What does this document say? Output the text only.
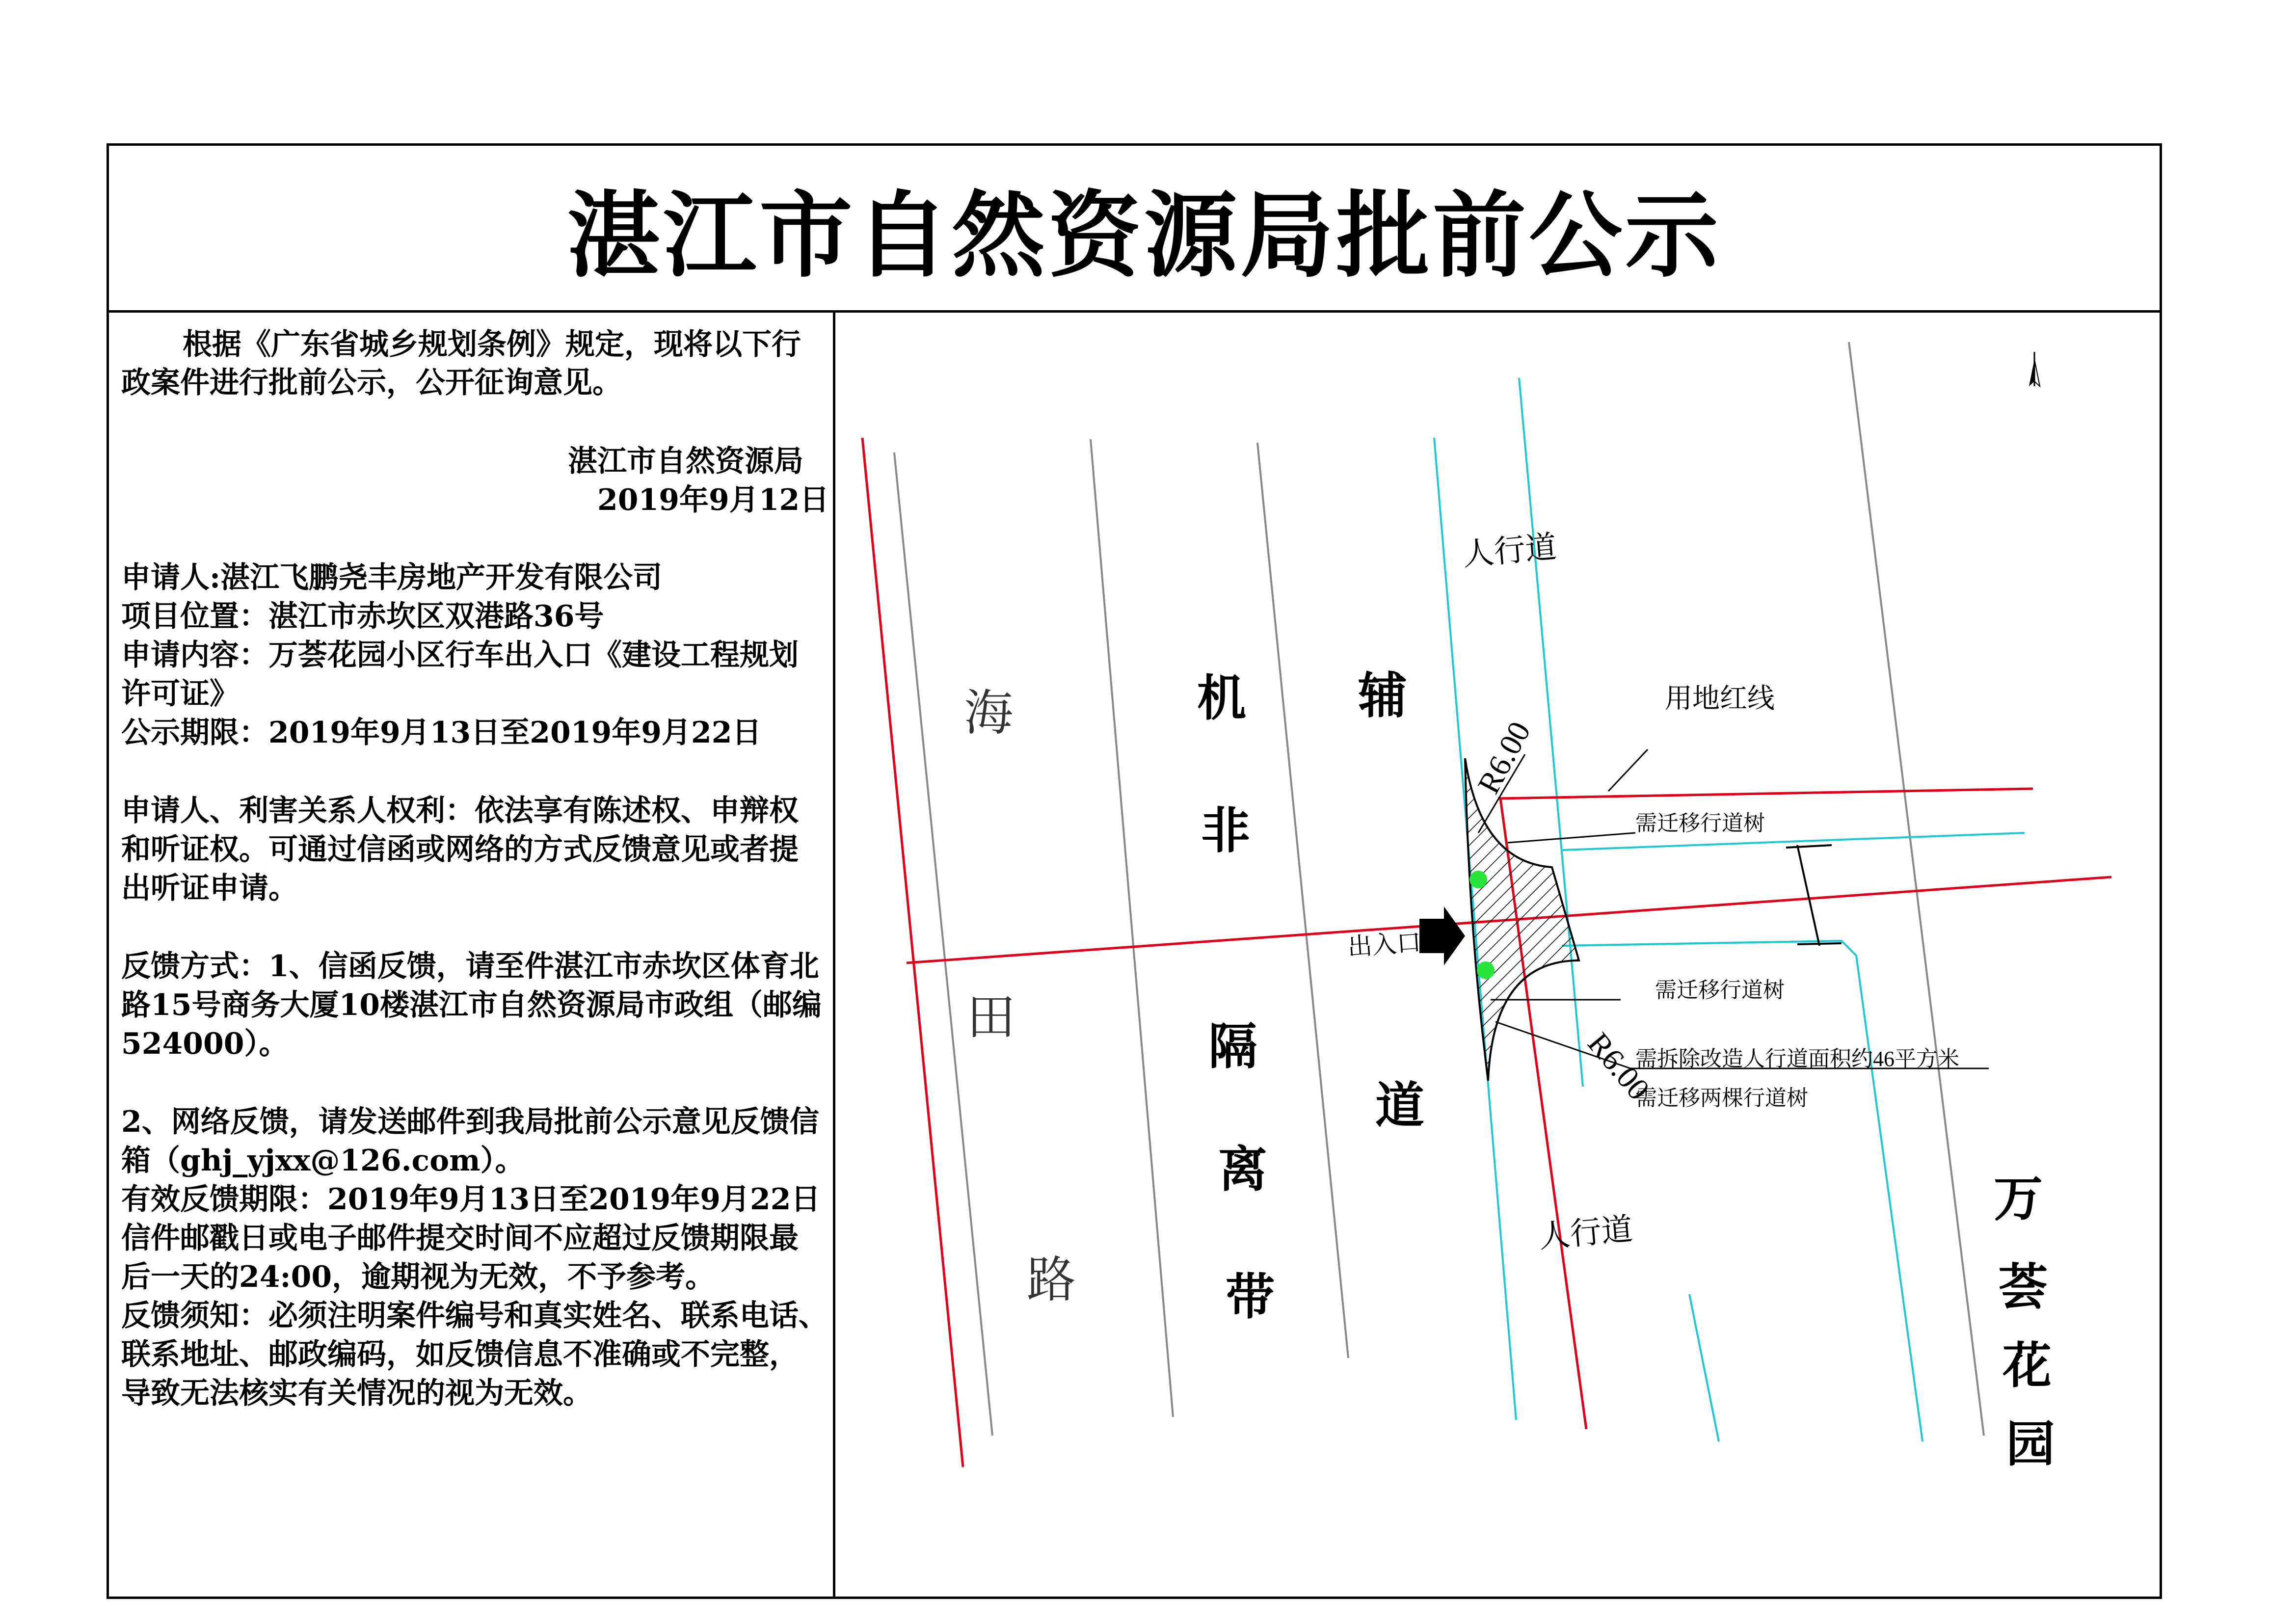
湛江市自然资源局批前公示
根据《广东省城乡规划条例》规定，现将以下行
政案件进行批前公示，公开征询意见。
湛江市自然资源局
2019年9月12日
申请人:湛江飞鹏尧丰房地产开发有限公司
项目位置：湛江市赤坎区双港路36号
申请内容：万荟花园小区行车出入口《建设工程规划
许可证》
公示期限：2019年9月13日至2019年9月22日
申请人、利害关系人权利：依法享有陈述权、申辩权
和听证权。可通过信函或网络的方式反馈意见或者提
出听证申请。
反馈方式：1、信函反馈，请至件湛江市赤坎区体育北
路15号商务大厦10楼湛江市自然资源局市政组（邮编
524000）。
2、网络反馈，请发送邮件到我局批前公示意见反馈信
箱（ghj_yjxx@126.com）。
有效反馈期限：2019年9月13日至2019年9月22日
信件邮戳日或电子邮件提交时间不应超过反馈期限最
后一天的24:00，逾期视为无效，不予参考。
反馈须知：必须注明案件编号和真实姓名、联系电话、
联系地址、邮政编码，如反馈信息不准确或不完整，
导致无法核实有关情况的视为无效。
海
田
路
机
非
隔
离
带
辅
道
万
荟
花
园
人行道
人行道
出入口
用地红线
R6.00
R6.00
需迁移行道树
需迁移行道树
需拆除改造人行道面积约46平方米
需迁移两棵行道树
